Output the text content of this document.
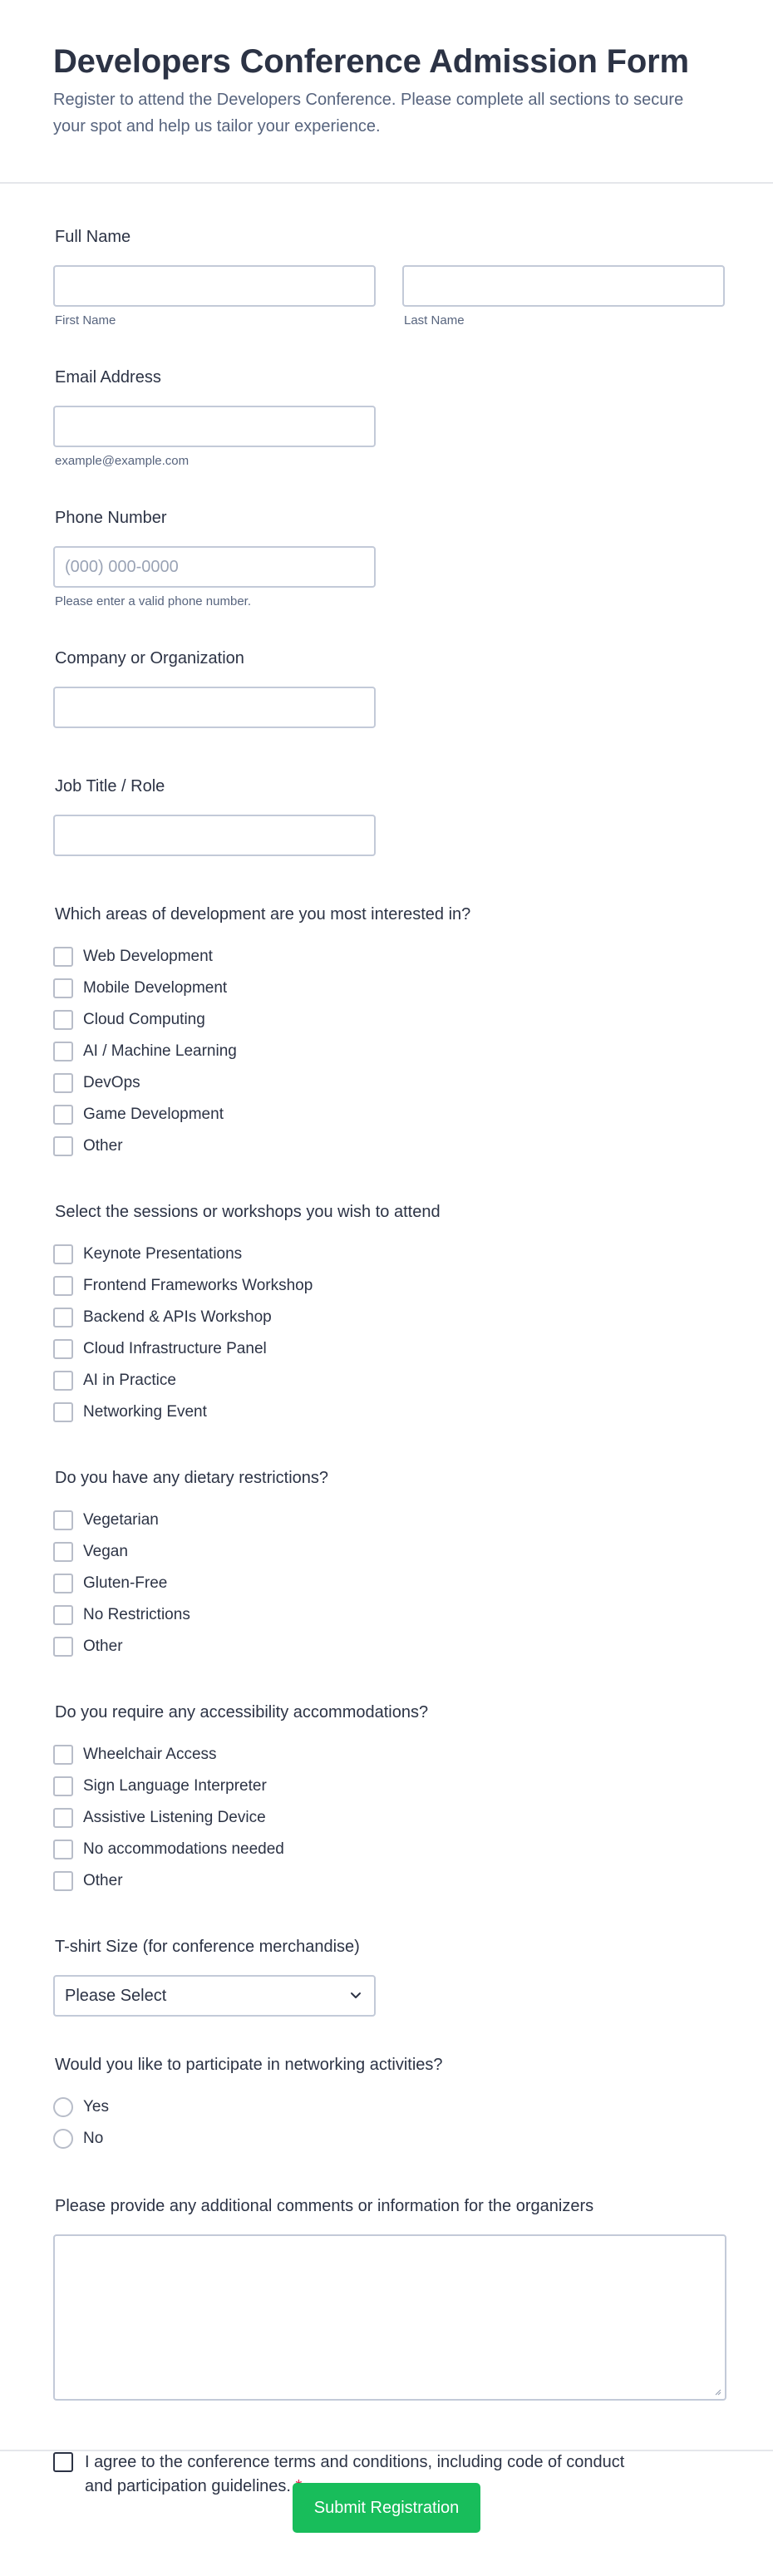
Developers Conference Admission Form

Register to attend the Developers Conference. Please complete all sections to secure your spot and help us tailor your experience.

Full Name
First Name	Last Name
Email Address
example@example.com
Phone Number
(000) 000-0000
Please enter a valid phone number.
Company or Organization
Job Title / Role
Which areas of development are you most interested in?
Web Development
Mobile Development
Cloud Computing
AI / Machine Learning
DevOps
Game Development
Other
Select the sessions or workshops you wish to attend
Keynote Presentations
Frontend Frameworks Workshop
Backend & APIs Workshop
Cloud Infrastructure Panel
AI in Practice
Networking Event
Do you have any dietary restrictions?
Vegetarian
Vegan
Gluten-Free
No Restrictions
Other
Do you require any accessibility accommodations?
Wheelchair Access
Sign Language Interpreter
Assistive Listening Device
No accommodations needed
Other
T-shirt Size (for conference merchandise)
Please Select
Would you like to participate in networking activities?
Yes
No
Please provide any additional comments or information for the organizers
I agree to the conference terms and conditions, including code of conduct and participation guidelines.
Submit Registration
